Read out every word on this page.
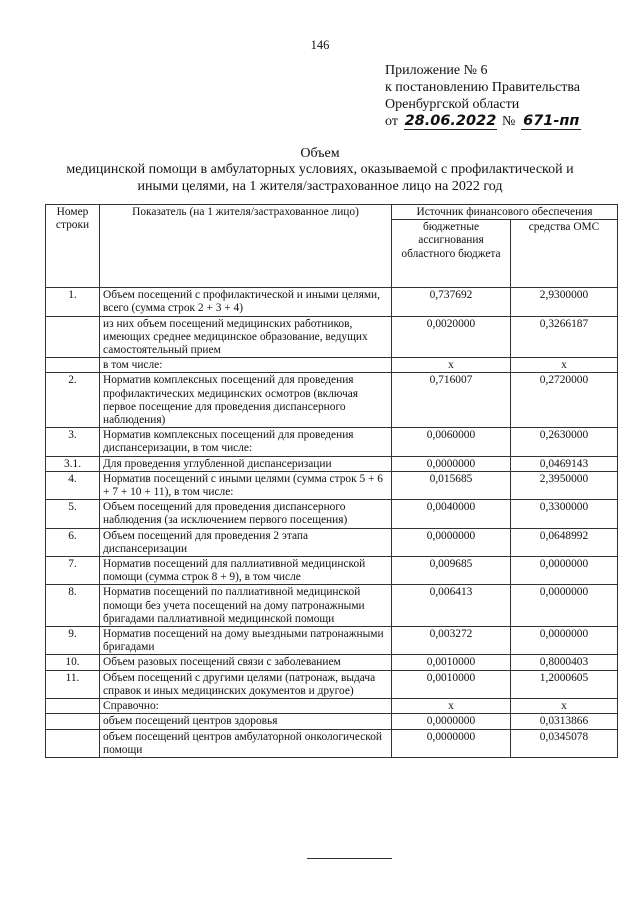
146
Приложение № 6
к постановлению Правительства
Оренбургской области
от 28.06.2022 № 671-пп
Объем
медицинской помощи в амбулаторных условиях, оказываемой с профилактической и
иными целями, на 1 жителя/застрахованное лицо на 2022 год
Номер строки	Показатель (на 1 жителя/застрахованное лицо)	Источник финансового обеспечения	
		бюджетные ассигнования областного бюджета	средства ОМС
1.	Объем посещений с профилактической и иными целями, всего (сумма строк 2 + 3 + 4)	0,737692	2,9300000
	из них объем посещений медицинских работников, имеющих среднее медицинское образование, ведущих самостоятельный прием	0,0020000	0,3266187
	в том числе:	х	х
2.	Норматив комплексных посещений для проведения профилактических медицинских осмотров (включая первое посещение для проведения диспансерного наблюдения)	0,716007	0,2720000
3.	Норматив комплексных посещений для проведения диспансеризации, в том числе:	0,0060000	0,2630000
3.1.	Для проведения углубленной диспансеризации	0,0000000	0,0469143
4.	Норматив посещений с иными целями (сумма строк 5 + 6 + 7 + 10 + 11), в том числе:	0,015685	2,3950000
5.	Объем посещений для проведения диспансерного наблюдения (за исключением первого посещения)	0,0040000	0,3300000
6.	Объем посещений для проведения 2 этапа диспансеризации	0,0000000	0,0648992
7.	Норматив посещений для паллиативной медицинской помощи (сумма строк 8 + 9), в том числе	0,009685	0,0000000
8.	Норматив посещений по паллиативной медицинской помощи без учета посещений на дому патронажными бригадами паллиативной медицинской помощи	0,006413	0,0000000
9.	Норматив посещений на дому выездными патронажными бригадами	0,003272	0,0000000
10.	Объем разовых посещений связи с заболеванием	0,0010000	0,8000403
11.	Объем посещений с другими целями (патронаж, выдача справок и иных медицинских документов и другое)	0,0010000	1,2000605
	Справочно:	х	х
	объем посещений центров здоровья	0,0000000	0,0313866
	объем посещений центров амбулаторной онкологической помощи	0,0000000	0,0345078
